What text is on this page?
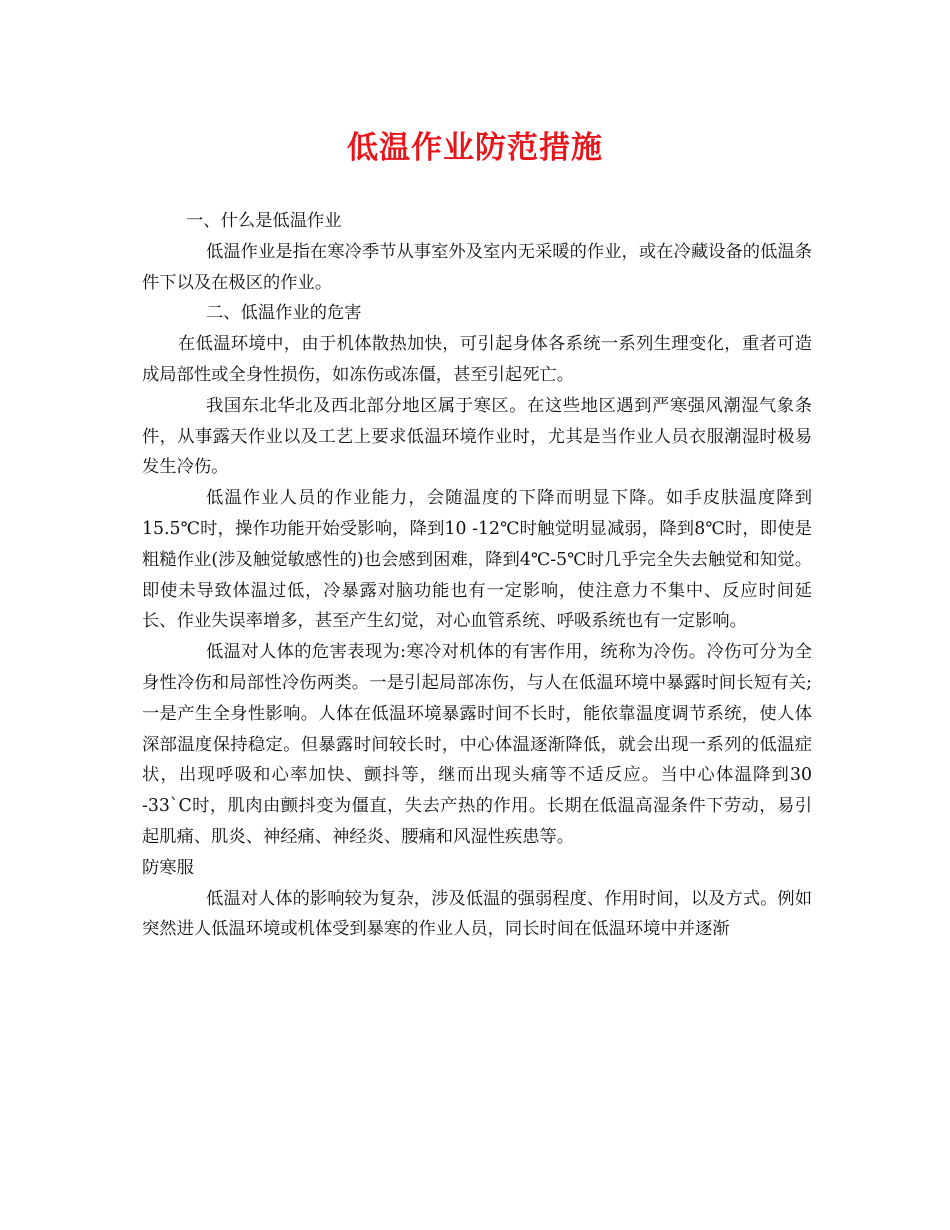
低温作业防范措施

一、什么是低温作业

低温作业是指在寒冷季节从事室外及室内无采暖的作业，或在冷藏设备的低温条件下以及在极区的作业。

二、低温作业的危害

在低温环境中，由于机体散热加快，可引起身体各系统一系列生理变化，重者可造成局部性或全身性损伤，如冻伤或冻僵，甚至引起死亡。

我国东北华北及西北部分地区属于寒区。在这些地区遇到严寒强风潮湿气象条件，从事露天作业以及工艺上要求低温环境作业时，尤其是当作业人员衣服潮湿时极易发生冷伤。

低温作业人员的作业能力，会随温度的下降而明显下降。如手皮肤温度降到15.5℃时，操作功能开始受影响，降到10 -12℃时触觉明显减弱，降到8℃时，即使是粗糙作业(涉及触觉敏感性的)也会感到困难，降到4℃-5℃时几乎完全失去触觉和知觉。即使未导致体温过低，冷暴露对脑功能也有一定影响，使注意力不集中、反应时间延长、作业失误率增多，甚至产生幻觉，对心血管系统、呼吸系统也有一定影响。

低温对人体的危害表现为:寒冷对机体的有害作用，统称为冷伤。冷伤可分为全身性冷伤和局部性冷伤两类。一是引起局部冻伤，与人在低温环境中暴露时间长短有关;一是产生全身性影响。人体在低温环境暴露时间不长时，能依靠温度调节系统，使人体深部温度保持稳定。但暴露时间较长时，中心体温逐渐降低，就会出现一系列的低温症状，出现呼吸和心率加快、颤抖等，继而出现头痛等不适反应。当中心体温降到30 -33`C时，肌肉由颤抖变为僵直，失去产热的作用。长期在低温高湿条件下劳动，易引起肌痛、肌炎、神经痛、神经炎、腰痛和风湿性疾患等。

防寒服

低温对人体的影响较为复杂，涉及低温的强弱程度、作用时间，以及方式。例如突然进人低温环境或机体受到暴寒的作业人员，同长时间在低温环境中并逐渐
